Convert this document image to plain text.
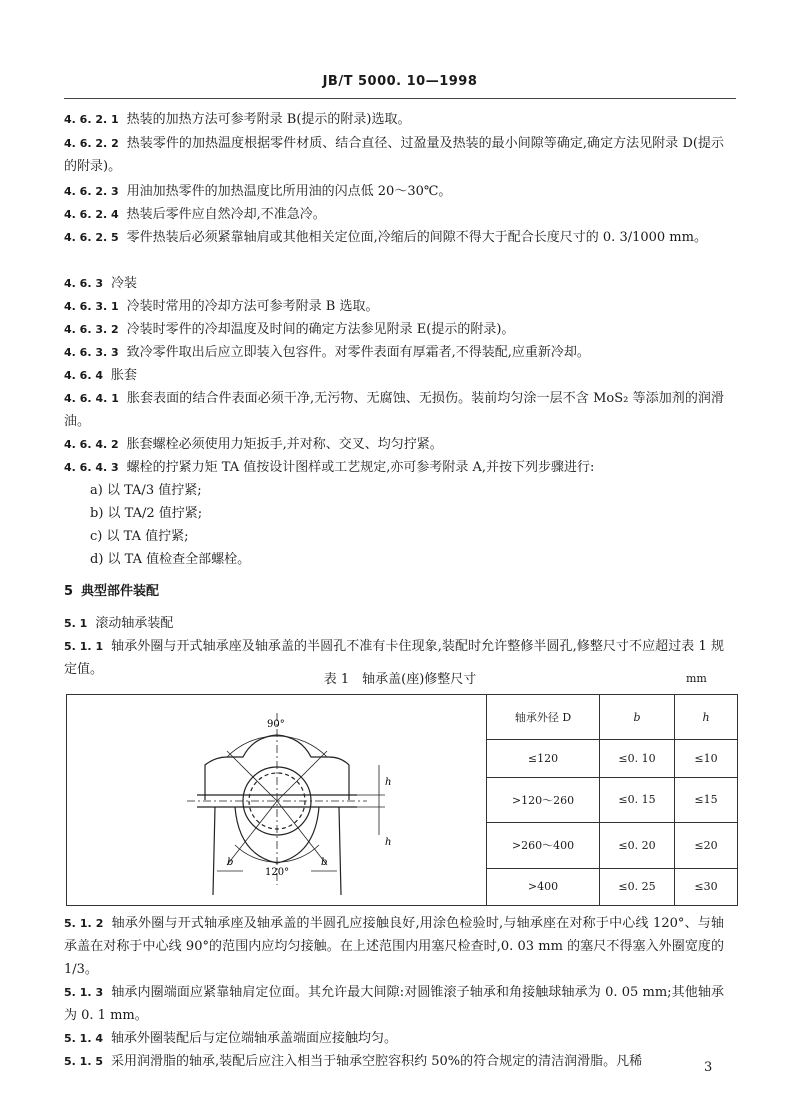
JB/T 5000. 10—1998
4. 6. 2. 1 热装的加热方法可参考附录 B(提示的附录)选取。
4. 6. 2. 2 热装零件的加热温度根据零件材质、结合直径、过盈量及热装的最小间隙等确定,确定方法见附录 D(提示的附录)。
4. 6. 2. 3 用油加热零件的加热温度比所用油的闪点低 20～30℃。
4. 6. 2. 4 热装后零件应自然冷却,不准急冷。
4. 6. 2. 5 零件热装后必须紧靠轴肩或其他相关定位面,冷缩后的间隙不得大于配合长度尺寸的 0. 3/1000 mm。
4. 6. 3 冷装
4. 6. 3. 1 冷装时常用的冷却方法可参考附录 B 选取。
4. 6. 3. 2 冷装时零件的冷却温度及时间的确定方法参见附录 E(提示的附录)。
4. 6. 3. 3 致冷零件取出后应立即装入包容件。对零件表面有厚霜者,不得装配,应重新冷却。
4. 6. 4 胀套
4. 6. 4. 1 胀套表面的结合件表面必须干净,无污物、无腐蚀、无损伤。装前均匀涂一层不含 MoS₂ 等添加剂的润滑油。
4. 6. 4. 2 胀套螺栓必须使用力矩扳手,并对称、交叉、均匀拧紧。
4. 6. 4. 3 螺栓的拧紧力矩 TA 值按设计图样或工艺规定,亦可参考附录 A,并按下列步骤进行:
a) 以 TA/3 值拧紧;
b) 以 TA/2 值拧紧;
c) 以 TA 值拧紧;
d) 以 TA 值检查全部螺栓。
5 典型部件装配
5. 1 滚动轴承装配
5. 1. 1 轴承外圈与开式轴承座及轴承盖的半圆孔不准有卡住现象,装配时允许整修半圆孔,修整尺寸不应超过表 1 规定值。
表 1　轴承盖(座)修整尺寸	mm
90°
120°
h
h
b	b
轴承外径 D	b	h
≤120	≤0. 10	≤10
>120～260	≤0. 15	≤15
>260～400	≤0. 20	≤20
>400	≤0. 25	≤30
5. 1. 2 轴承外圈与开式轴承座及轴承盖的半圆孔应接触良好,用涂色检验时,与轴承座在对称于中心线 120°、与轴承盖在对称于中心线 90°的范围内应均匀接触。在上述范围内用塞尺检查时,0. 03 mm 的塞尺不得塞入外圈宽度的 1/3。
5. 1. 3 轴承内圈端面应紧靠轴肩定位面。其允许最大间隙:对圆锥滚子轴承和角接触球轴承为 0. 05 mm;其他轴承为 0. 1 mm。
5. 1. 4 轴承外圈装配后与定位端轴承盖端面应接触均匀。
5. 1. 5 采用润滑脂的轴承,装配后应注入相当于轴承空腔容积约 50%的符合规定的清洁润滑脂。凡稀	3
